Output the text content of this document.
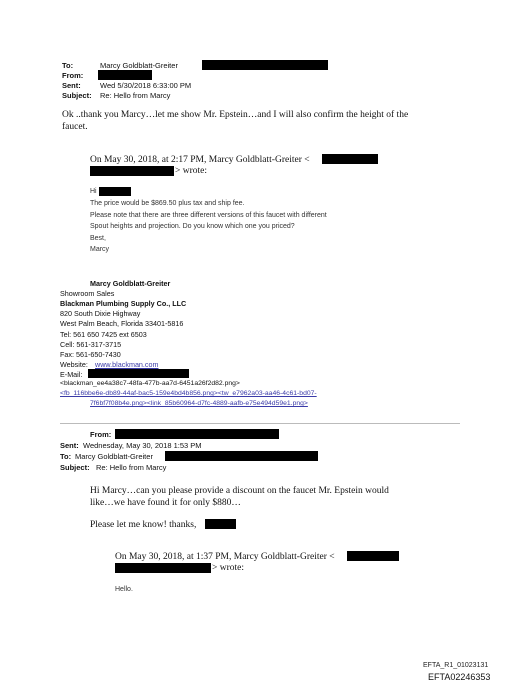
To:	Marcy Goldblatt-Greiter
From:
Sent:	Wed 5/30/2018 6:33:00 PM
Subject: Re: Hello from Marcy
Ok ..thank you Marcy…let me show Mr. Epstein…and I will also confirm the height of the
faucet.
On May 30, 2018, at 2:17 PM, Marcy Goldblatt-Greiter <
> wrote:
Hi
The price would be $869.50 plus tax and ship fee.
Please note that there are three different versions of this faucet with different
Spout heights and projection. Do you know which one you priced?
Best,
Marcy
Marcy Goldblatt-Greiter
Showroom Sales
Blackman Plumbing Supply Co., LLC
820 South Dixie Highway
West Palm Beach, Florida 33401-5816
Tel: 561 650 7425 ext 6503
Cell: 561-317-3715
Fax: 561-650-7430
Website: www.blackman.com
E-Mail:
<blackman_ee4a38c7-48fa-477b-aa7d-6451a26f2d82.png>
<fb_116bbe6e-db89-44af-bac5-159e4bd4b856.png><tw_e7962a03-aa46-4c61-bd07-
7f6bf7f08b4e.png><link_85b60964-d7fc-4889-aafb-e75e494d59e1.png>
From:
Sent: Wednesday, May 30, 2018 1:53 PM
To: Marcy Goldblatt-Greiter
Subject: Re: Hello from Marcy
Hi Marcy…can you please provide a discount on the faucet Mr. Epstein would
like…we have found it for only $880…
Please let me know! thanks,
On May 30, 2018, at 1:37 PM, Marcy Goldblatt-Greiter <
> wrote:
Hello.
EFTA_R1_01023131
EFTA02246353
